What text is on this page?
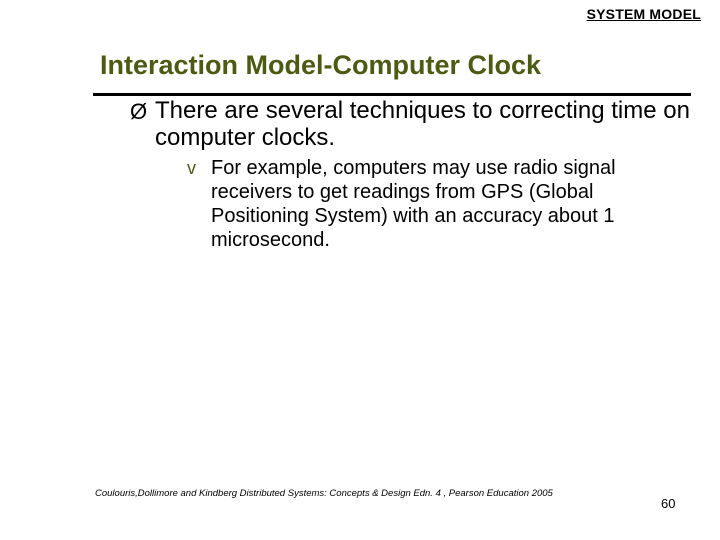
SYSTEM MODEL
Interaction Model-Computer Clock
Ø There are several techniques to correcting time on computer clocks.
v For example, computers may use radio signal receivers to get readings from GPS (Global Positioning System) with an accuracy about 1 microsecond.
Coulouris,Dollimore and Kindberg Distributed Systems: Concepts & Design Edn. 4 , Pearson Education 2005
60
